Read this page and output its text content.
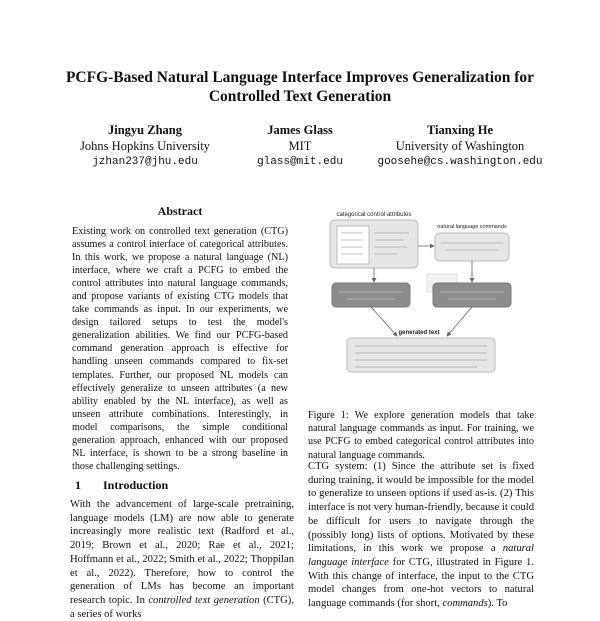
PCFG-Based Natural Language Interface Improves Generalization for Controlled Text Generation
Jingyu Zhang
Johns Hopkins University
jzhan237@jhu.edu
James Glass
MIT
glass@mit.edu
Tianxing He
University of Washington
goosehe@cs.washington.edu
Abstract
Existing work on controlled text generation (CTG) assumes a control interface of categorical attributes. In this work, we propose a natural language (NL) interface, where we craft a PCFG to embed the control attributes into natural language commands, and propose variants of existing CTG models that take commands as input. In our experiments, we design tailored setups to test the model's generalization abilities. We find our PCFG-based command generation approach is effective for handling unseen commands compared to fix-set templates. Further, our proposed NL models can effectively generalize to unseen attributes (a new ability enabled by the NL interface), as well as unseen attribute combinations. Interestingly, in model comparisons, the simple conditional generation approach, enhanced with our proposed NL interface, is shown to be a strong baseline in those challenging settings.
1 Introduction
With the advancement of large-scale pretraining, language models (LM) are now able to generate increasingly more realistic text (Radford et al., 2019; Brown et al., 2020; Rae et al., 2021; Hoffmann et al., 2022; Smith et al., 2022; Thoppilan et al., 2022). Therefore, how to control the generation of LMs has become an important research topic. In controlled text generation (CTG), a series of works
categorical control attributes
natural language commands
generated text
Figure 1: We explore generation models that take natural language commands as input. For training, we use PCFG to embed categorical control attributes into natural language commands.
CTG system: (1) Since the attribute set is fixed during training, it would be impossible for the model to generalize to unseen options if used as-is. (2) This interface is not very human-friendly, because it could be difficult for users to navigate through the (possibly long) lists of options. Motivated by these limitations, in this work we propose a natural language interface for CTG, illustrated in Figure 1. With this change of interface, the input to the CTG model changes from one-hot vectors to natural language commands (for short, commands). To
